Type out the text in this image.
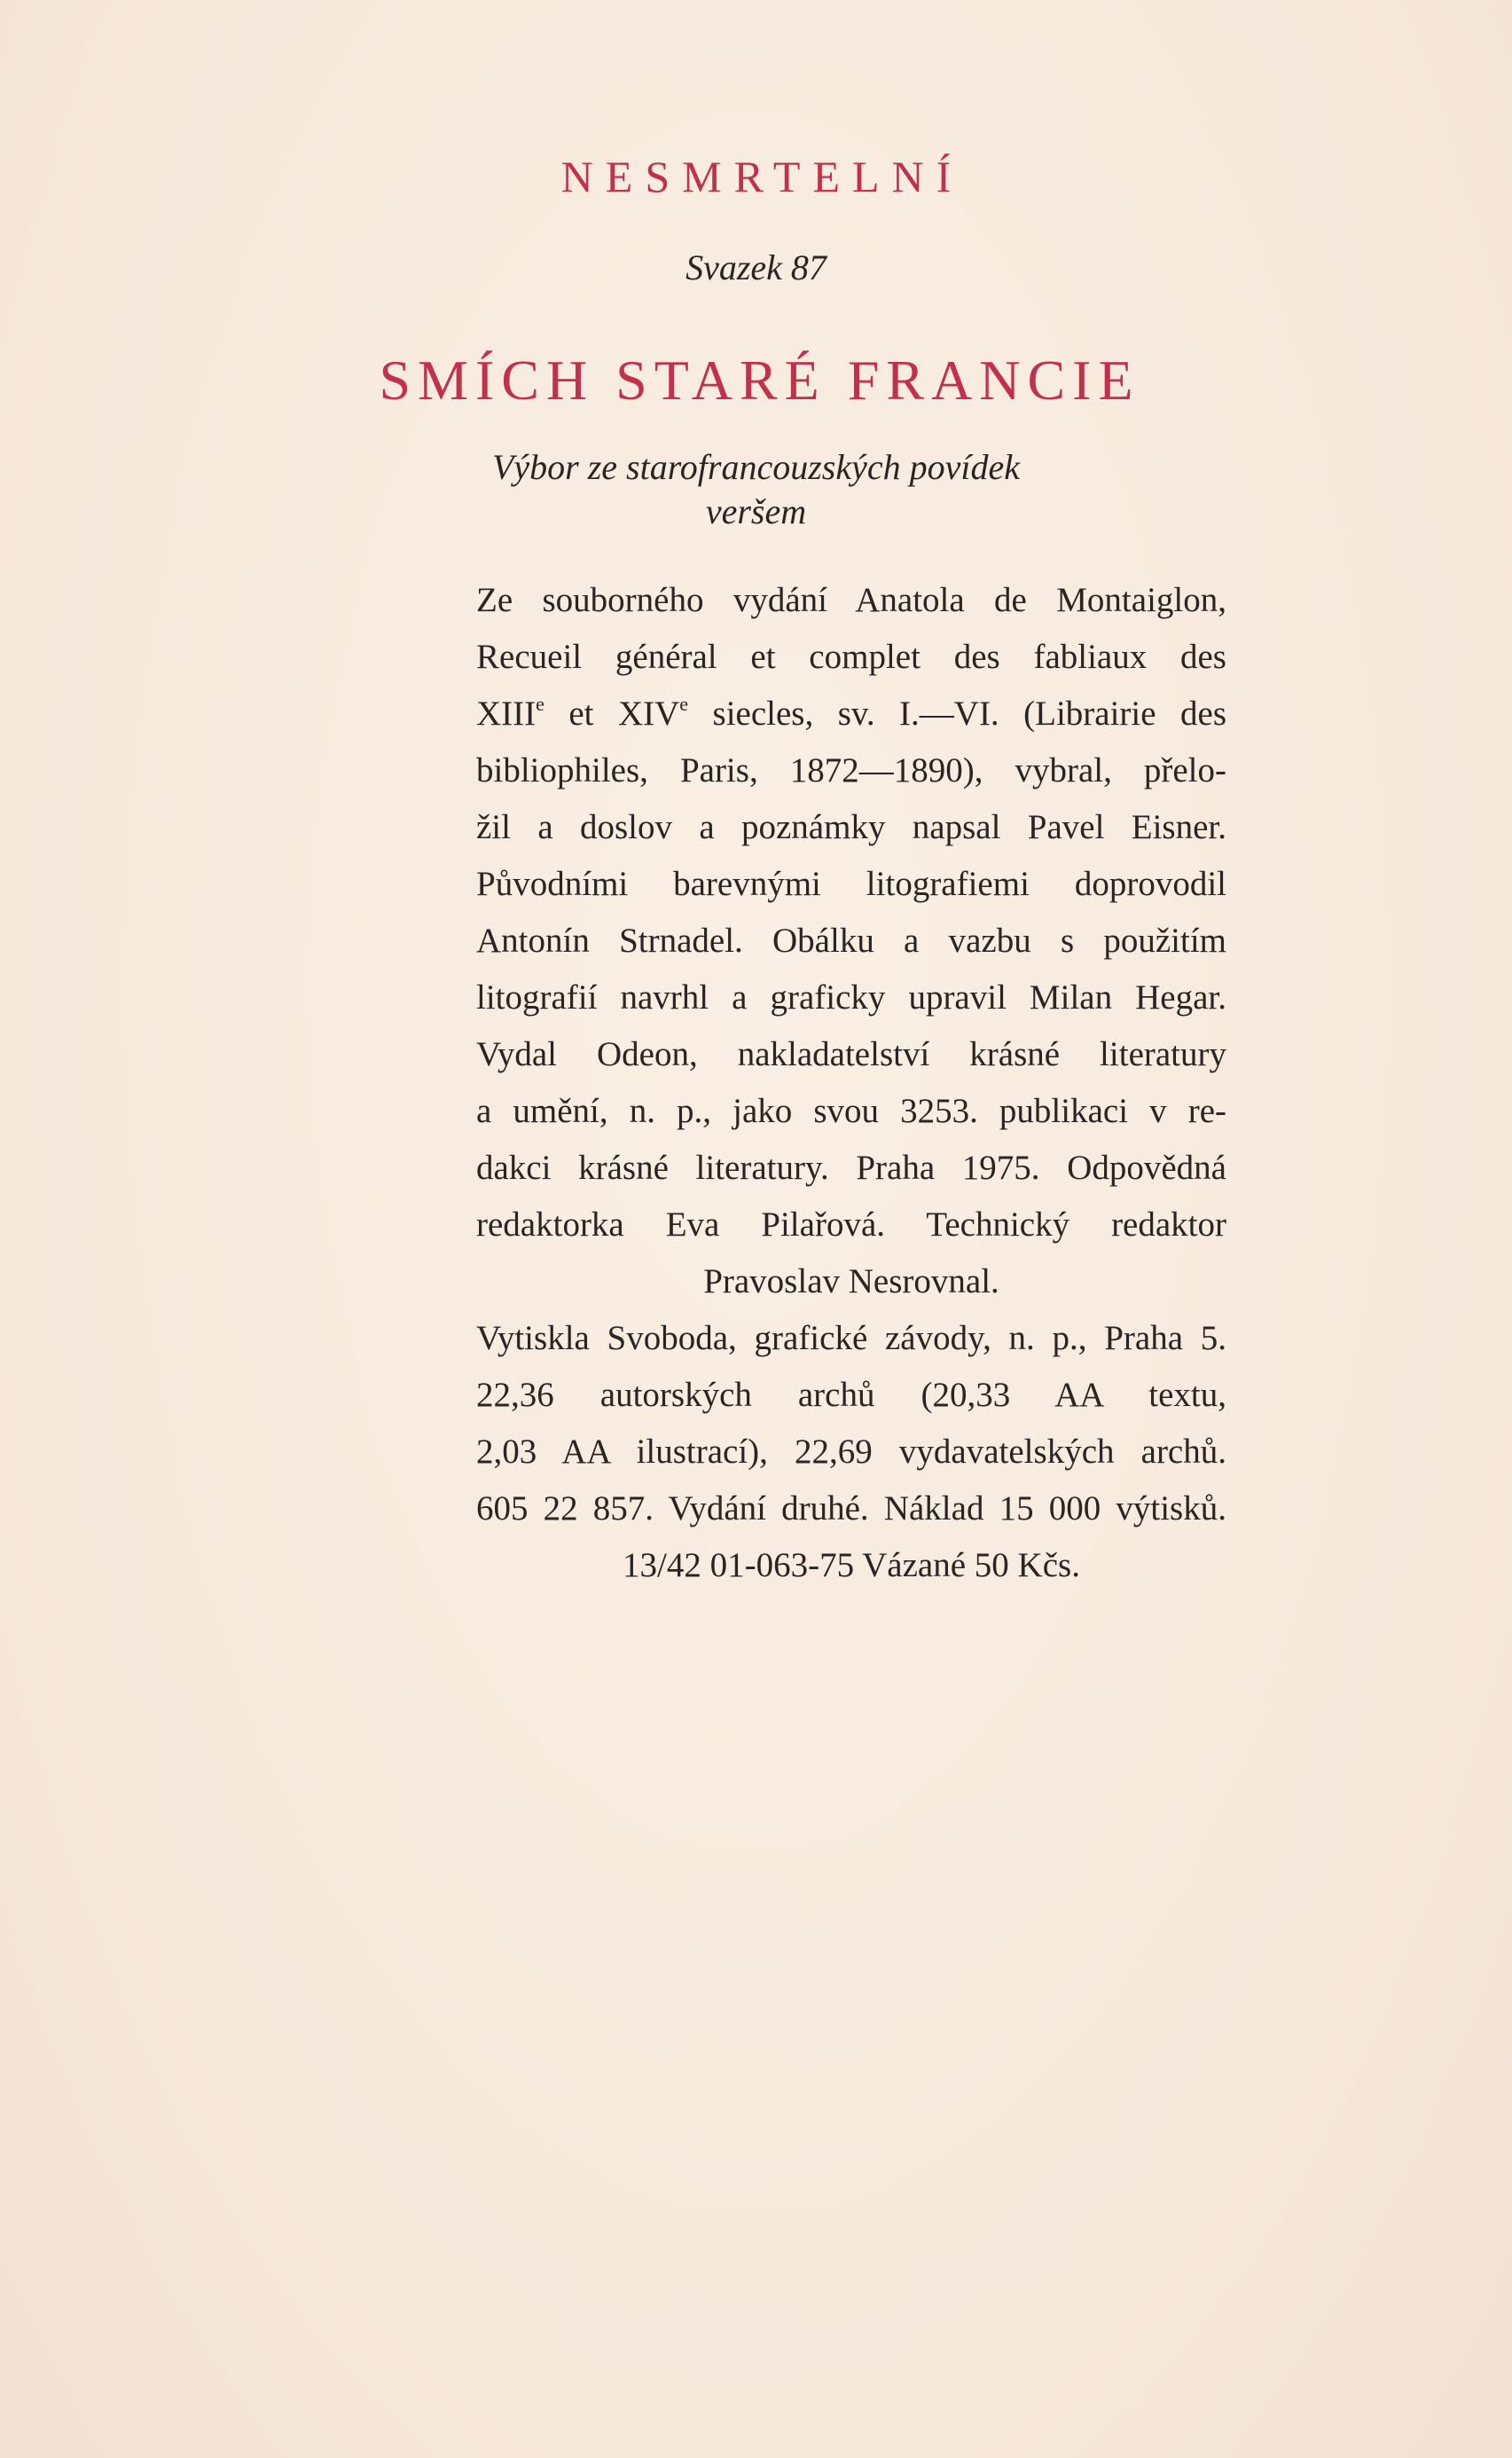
NESMRTELNÍ
Svazek 87
SMÍCH STARÉ FRANCIE
Výbor ze starofrancouzských povídek
veršem
Ze souborného vydání Anatola de Montaiglon,
Recueil général et complet des fabliaux des
XIIIe et XIVe siecles, sv. I.—VI. (Librairie des
bibliophiles, Paris, 1872—1890), vybral, přelo-
žil a doslov a poznámky napsal Pavel Eisner.
Původními barevnými litografiemi doprovodil
Antonín Strnadel. Obálku a vazbu s použitím
litografií navrhl a graficky upravil Milan Hegar.
Vydal Odeon, nakladatelství krásné literatury
a umění, n. p., jako svou 3253. publikaci v re-
dakci krásné literatury. Praha 1975. Odpovědná
redaktorka Eva Pilařová. Technický redaktor
Pravoslav Nesrovnal.
Vytiskla Svoboda, grafické závody, n. p., Praha 5.
22,36 autorských archů (20,33 AA textu,
2,03 AA ilustrací), 22,69 vydavatelských archů.
605 22 857. Vydání druhé. Náklad 15 000 výtisků.
13/42 01-063-75 Vázané 50 Kčs.
